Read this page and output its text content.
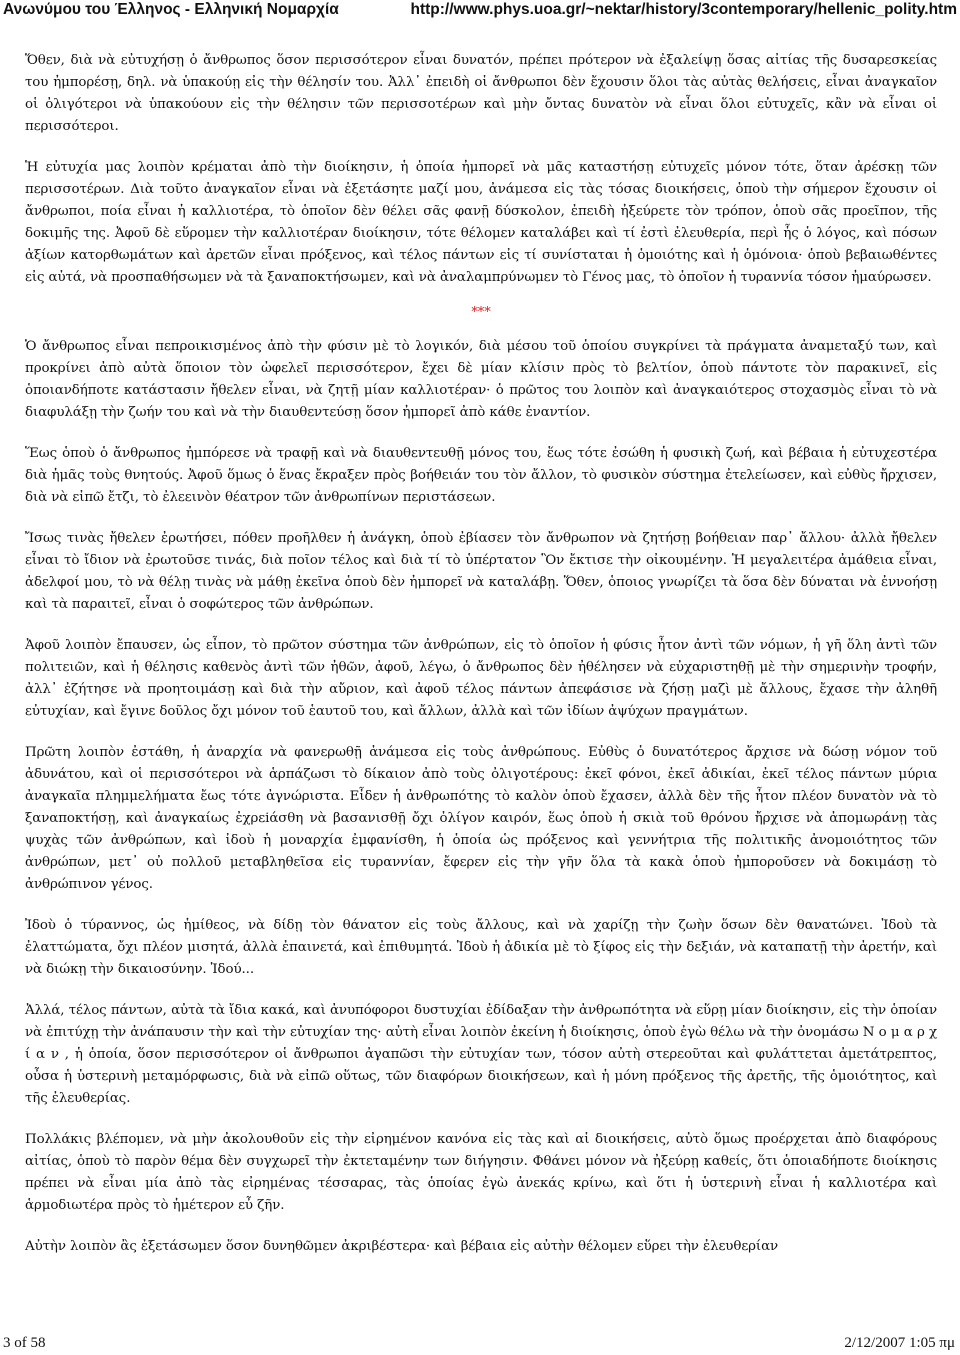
Ανωνύμου του Έλληνος - Ελληνική Νομαρχία	http://www.phys.uoa.gr/~nektar/history/3contemporary/hellenic_polity.htm

Ὅθεν, διὰ νὰ εὐτυχήσῃ ὁ ἄνθρωπος ὅσον περισσότερον εἶναι δυνατόν, πρέπει πρότερον νὰ ἐξαλείψῃ ὅσας αἰτίας τῆς δυσαρεσκείας του ἠμπορέσῃ, δηλ. νὰ ὑπακούῃ εἰς τὴν θέλησίν του. Ἀλλ᾿ ἐπειδὴ οἱ ἄνθρωποι δὲν ἔχουσιν ὅλοι τὰς αὐτὰς θελήσεις, εἶναι ἀναγκαῖον οἱ ὀλιγότεροι νὰ ὑπακούουν εἰς τὴν θέλησιν τῶν περισσοτέρων καὶ μὴν ὄντας δυνατὸν νὰ εἶναι ὅλοι εὐτυχεῖς, κἂν νὰ εἶναι οἱ περισσότεροι.

Ἡ εὐτυχία μας λοιπὸν κρέμαται ἀπὸ τὴν διοίκησιν, ἡ ὁποία ἠμπορεῖ νὰ μᾶς καταστήσῃ εὐτυχεῖς μόνον τότε, ὅταν ἀρέσκῃ τῶν περισσοτέρων. Διὰ τοῦτο ἀναγκαῖον εἶναι νὰ ἐξετάσητε μαζί μου, ἀνάμεσα εἰς τὰς τόσας διοικήσεις, ὁποὺ τὴν σήμερον ἔχουσιν οἱ ἄνθρωποι, ποία εἶναι ἡ καλλιοτέρα, τὸ ὁποῖον δὲν θέλει σᾶς φανῇ δύσκολον, ἐπειδὴ ἠξεύρετε τὸν τρόπον, ὁποὺ σᾶς προεῖπον, τῆς δοκιμῆς της. Ἀφοῦ δὲ εὕρομεν τὴν καλλιοτέραν διοίκησιν, τότε θέλομεν καταλάβει καὶ τί ἐστὶ ἐλευθερία, περὶ ἧς ὁ λόγος, καὶ πόσων ἀξίων κατορθωμάτων καὶ ἀρετῶν εἶναι πρόξενος, καὶ τέλος πάντων εἰς τί συνίσταται ἡ ὁμοιότης καὶ ἡ ὁμόνοια· ὁποὺ βεβαιωθέντες εἰς αὐτά, νὰ προσπαθήσωμεν νὰ τὰ ξαναποκτήσωμεν, καὶ νὰ ἀναλαμπρύνωμεν τὸ Γένος μας, τὸ ὁποῖον ἡ τυραννία τόσον ἠμαύρωσεν.

***

Ὁ ἄνθρωπος εἶναι πεπροικισμένος ἀπὸ τὴν φύσιν μὲ τὸ λογικόν, διὰ μέσου τοῦ ὁποίου συγκρίνει τὰ πράγματα ἀναμεταξύ των, καὶ προκρίνει ἀπὸ αὐτὰ ὅποιον τὸν ὠφελεῖ περισσότερον, ἔχει δὲ μίαν κλίσιν πρὸς τὸ βελτίον, ὁποὺ πάντοτε τὸν παρακινεῖ, εἰς ὁποιανδήποτε κατάστασιν ἤθελεν εἶναι, νὰ ζητῇ μίαν καλλιοτέραν· ὁ πρῶτος του λοιπὸν καὶ ἀναγκαιότερος στοχασμὸς εἶναι τὸ νὰ διαφυλάξῃ τὴν ζωήν του καὶ νὰ τὴν διαυθεντεύσῃ ὅσον ἠμπορεῖ ἀπὸ κάθε ἐναντίον.

Ἕως ὁποὺ ὁ ἄνθρωπος ἠμπόρεσε νὰ τραφῇ καὶ νὰ διαυθεντευθῇ μόνος του, ἕως τότε ἐσώθη ἡ φυσικὴ ζωή, καὶ βέβαια ἡ εὐτυχεστέρα διὰ ἡμᾶς τοὺς θνητούς. Ἀφοῦ ὅμως ὁ ἕνας ἔκραξεν πρὸς βοήθειάν του τὸν ἄλλον, τὸ φυσικὸν σύστημα ἐτελείωσεν, καὶ εὐθὺς ἤρχισεν, διὰ νὰ εἰπῶ ἔτζι, τὸ ἐλεεινὸν θέατρον τῶν ἀνθρωπίνων περιστάσεων.

Ἴσως τινὰς ἤθελεν ἐρωτήσει, πόθεν προῆλθεν ἡ ἀνάγκη, ὁποὺ ἐβίασεν τὸν ἄνθρωπον νὰ ζητήσῃ βοήθειαν παρ᾿ ἄλλου· ἀλλὰ ἤθελεν εἶναι τὸ ἴδιον νὰ ἐρωτοῦσε τινάς, διὰ ποῖον τέλος καὶ διὰ τί τὸ ὑπέρτατον Ὂν ἔκτισε τὴν οἰκουμένην. Ἡ μεγαλειτέρα ἀμάθεια εἶναι, ἀδελφοί μου, τὸ νὰ θέλῃ τινὰς νὰ μάθῃ ἐκεῖνα ὁποὺ δὲν ἠμπορεῖ νὰ καταλάβῃ. Ὅθεν, ὁποιος γνωρίζει τὰ ὅσα δὲν δύναται νὰ ἐννοήσῃ καὶ τὰ παραιτεῖ, εἶναι ὁ σοφώτερος τῶν ἀνθρώπων.

Ἀφοῦ λοιπὸν ἔπαυσεν, ὡς εἶπον, τὸ πρῶτον σύστημα τῶν ἀνθρώπων, εἰς τὸ ὁποῖον ἡ φύσις ἦτον ἀντὶ τῶν νόμων, ἡ γῆ ὅλη ἀντὶ τῶν πολιτειῶν, καὶ ἡ θέλησις καθενὸς ἀντὶ τῶν ἠθῶν, ἀφοῦ, λέγω, ὁ ἄνθρωπος δὲν ἠθέλησεν νὰ εὐχαριστηθῇ μὲ τὴν σημερινὴν τροφήν, ἀλλ᾿ ἐζήτησε νὰ προητοιμάσῃ καὶ διὰ τὴν αὔριον, καὶ ἀφοῦ τέλος πάντων ἀπεφάσισε νὰ ζήσῃ μαζὶ μὲ ἄλλους, ἔχασε τὴν ἀληθῆ εὐτυχίαν, καὶ ἔγινε δοῦλος ὄχι μόνον τοῦ ἑαυτοῦ του, καὶ ἄλλων, ἀλλὰ καὶ τῶν ἰδίων ἀψύχων πραγμάτων.

Πρῶτη λοιπὸν ἐστάθη, ἡ ἀναρχία νὰ φανερωθῇ ἀνάμεσα εἰς τοὺς ἀνθρώπους. Εὐθὺς ὁ δυνατότερος ἄρχισε νὰ δώσῃ νόμον τοῦ ἀδυνάτου, καὶ οἱ περισσότεροι νὰ ἁρπάζωσι τὸ δίκαιον ἀπὸ τοὺς ὀλιγοτέρους: ἐκεῖ φόνοι, ἐκεῖ ἀδικίαι, ἐκεῖ τέλος πάντων μύρια ἀναγκαῖα πλημμελήματα ἔως τότε ἀγνώριστα. Εἶδεν ἡ ἀνθρωπότης τὸ καλὸν ὁποὺ ἔχασεν, ἀλλὰ δὲν τῆς ἦτον πλέον δυνατὸν νὰ τὸ ξαναποκτήσῃ, καὶ ἀναγκαίως ἐχρεiάσθη νὰ βασανισθῇ ὄχι ὀλίγον καιρόν, ἕως ὁποὺ ἡ σκιὰ τοῦ θρόνου ἤρχισε νὰ ἀπομωράνῃ τὰς ψυχὰς τῶν ἀνθρώπων, καὶ ἰδοὺ ἡ μοναρχία ἐμφανίσθη, ἡ ὁποία ὡς πρόξενος καὶ γεννήτρια τῆς πολιτικῆς ἀνομοιότητος τῶν ἀνθρώπων, μετ᾿ οὐ πολλοῦ μεταβληθεῖσα εἰς τυραννίαν, ἔφερεν εἰς τὴν γῆν ὅλα τὰ κακὰ ὁποὺ ἠμποροῦσεν νὰ δοκιμάσῃ τὸ ἀνθρώπινον γένος.

Ἰδοὺ ὁ τύραννος, ὡς ἡμίθεος, νὰ δίδῃ τὸν θάνατον εἰς τοὺς ἄλλους, καὶ νὰ χαρίζῃ τὴν ζωὴν ὅσων δὲν θανατώνει. Ἰδοὺ τὰ ἐλαττώματα, ὄχι πλέον μισητά, ἀλλὰ ἐπαινετά, καὶ ἐπιθυμητά. Ἰδοὺ ἡ ἀδικία μὲ τὸ ξίφος εἰς τὴν δεξιάν, νὰ καταπατῇ τὴν ἀρετήν, καὶ νὰ διώκῃ τὴν δικαιοσύνην. Ἰδού...

Ἀλλά, τέλος πάντων, αὐτὰ τὰ ἴδια κακά, καὶ ἀνυπόφοροι δυστυχίαι ἐδίδαξαν τὴν ἀνθρωπότητα νὰ εὕρῃ μίαν διοίκησιν, εἰς τὴν ὁποίαν νὰ ἐπιτύχῃ τὴν ἀνάπαυσιν τὴν καὶ τὴν εὐτυχίαν της· αὐτὴ εἶναι λοιπὸν ἐκείνη ἡ διοίκησις, ὁποὺ ἐγὼ θέλω νὰ τὴν ὀνομάσω Ν ο μ α ρ χ ί α ν , ἡ ὁποία, ὅσον περισσότερον οἱ ἄνθρωποι ἀγαπῶσι τὴν εὐτυχίαν των, τόσον αὐτὴ στερεοῦται καὶ φυλάττεται ἀμετάτρεπτος, οὖσα ἡ ὑστερινὴ μεταμόρφωσις, διὰ νὰ εἰπῶ οὕτως, τῶν διαφόρων διοικήσεων, καὶ ἡ μόνη πρόξενος τῆς ἀρετῆς, τῆς ὁμοιότητος, καὶ τῆς ἐλευθερίας.

Πολλάκις βλέπομεν, νὰ μὴν ἀκολουθοῦν εἰς τὴν εἰρημένον κανόνα εἰς τὰς καὶ αἱ διοικήσεις, αὐτὸ ὅμως προέρχεται ἀπὸ διαφόρους αἰτίας, ὁποὺ τὸ παρὸν θέμα δὲν συγχωρεῖ τὴν ἐκτεταμένην των διήγησιν. Φθάνει μόνον νὰ ἠξεύρῃ καθείς, ὅτι ὁποιαδήποτε διοίκησις πρέπει νὰ εἶναι μία ἀπὸ τὰς εἰρημένας τέσσαρας, τὰς ὁποίας ἐγὼ ἀνεκάς κρίνω, καὶ ὅτι ἡ ὑστερινὴ εἶναι ἡ καλλιοτέρα καὶ ἁρμοδιωτέρα πρὸς τὸ ἡμέτερον εὖ ζῆν.

Αὐτὴν λοιπὸν ἂς ἐξετάσωμεν ὅσον δυνηθῶμεν ἀκριβέστερα· καὶ βέβαια εἰς αὐτὴν θέλομεν εὕρει τὴν ἐλευθερίαν

3 of 58	2/12/2007 1:05 πμ
